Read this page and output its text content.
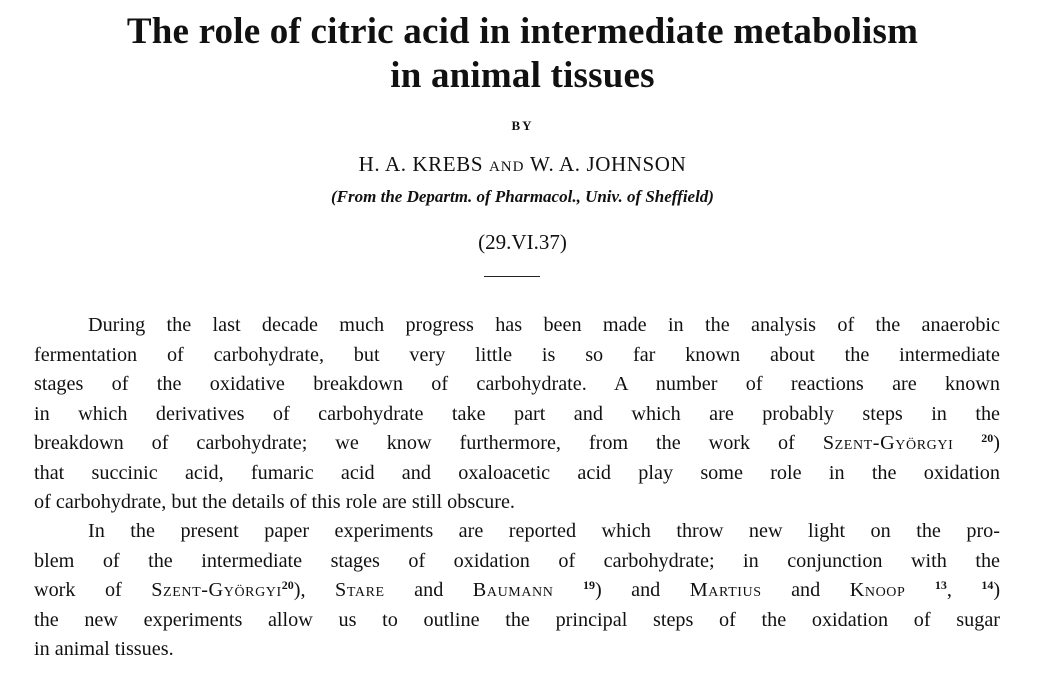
The role of citric acid in intermediate metabolism
in animal tissues
BY
H. A. KREBS AND W. A. JOHNSON
(From the Departm. of Pharmacol., Univ. of Sheffield)
(29.VI.37)
During the last decade much progress has been made in the analysis of the anaerobic
fermentation of carbohydrate, but very little is so far known about the intermediate
stages of the oxidative breakdown of carbohydrate. A number of reactions are known
in which derivatives of carbohydrate take part and which are probably steps in the
breakdown of carbohydrate; we know furthermore, from the work of Szent-Györgyi $^{20}$)
that succinic acid, fumaric acid and oxaloacetic acid play some role in the oxidation
of carbohydrate, but the details of this role are still obscure.
In the present paper experiments are reported which throw new light on the pro-
blem of the intermediate stages of oxidation of carbohydrate; in conjunction with the
work of Szent-Györgyi$^{20}$), Stare and Baumann $^{19}$) and Martius and Knoop $^{13}$, $^{14}$)
the new experiments allow us to outline the principal steps of the oxidation of sugar
in animal tissues.
